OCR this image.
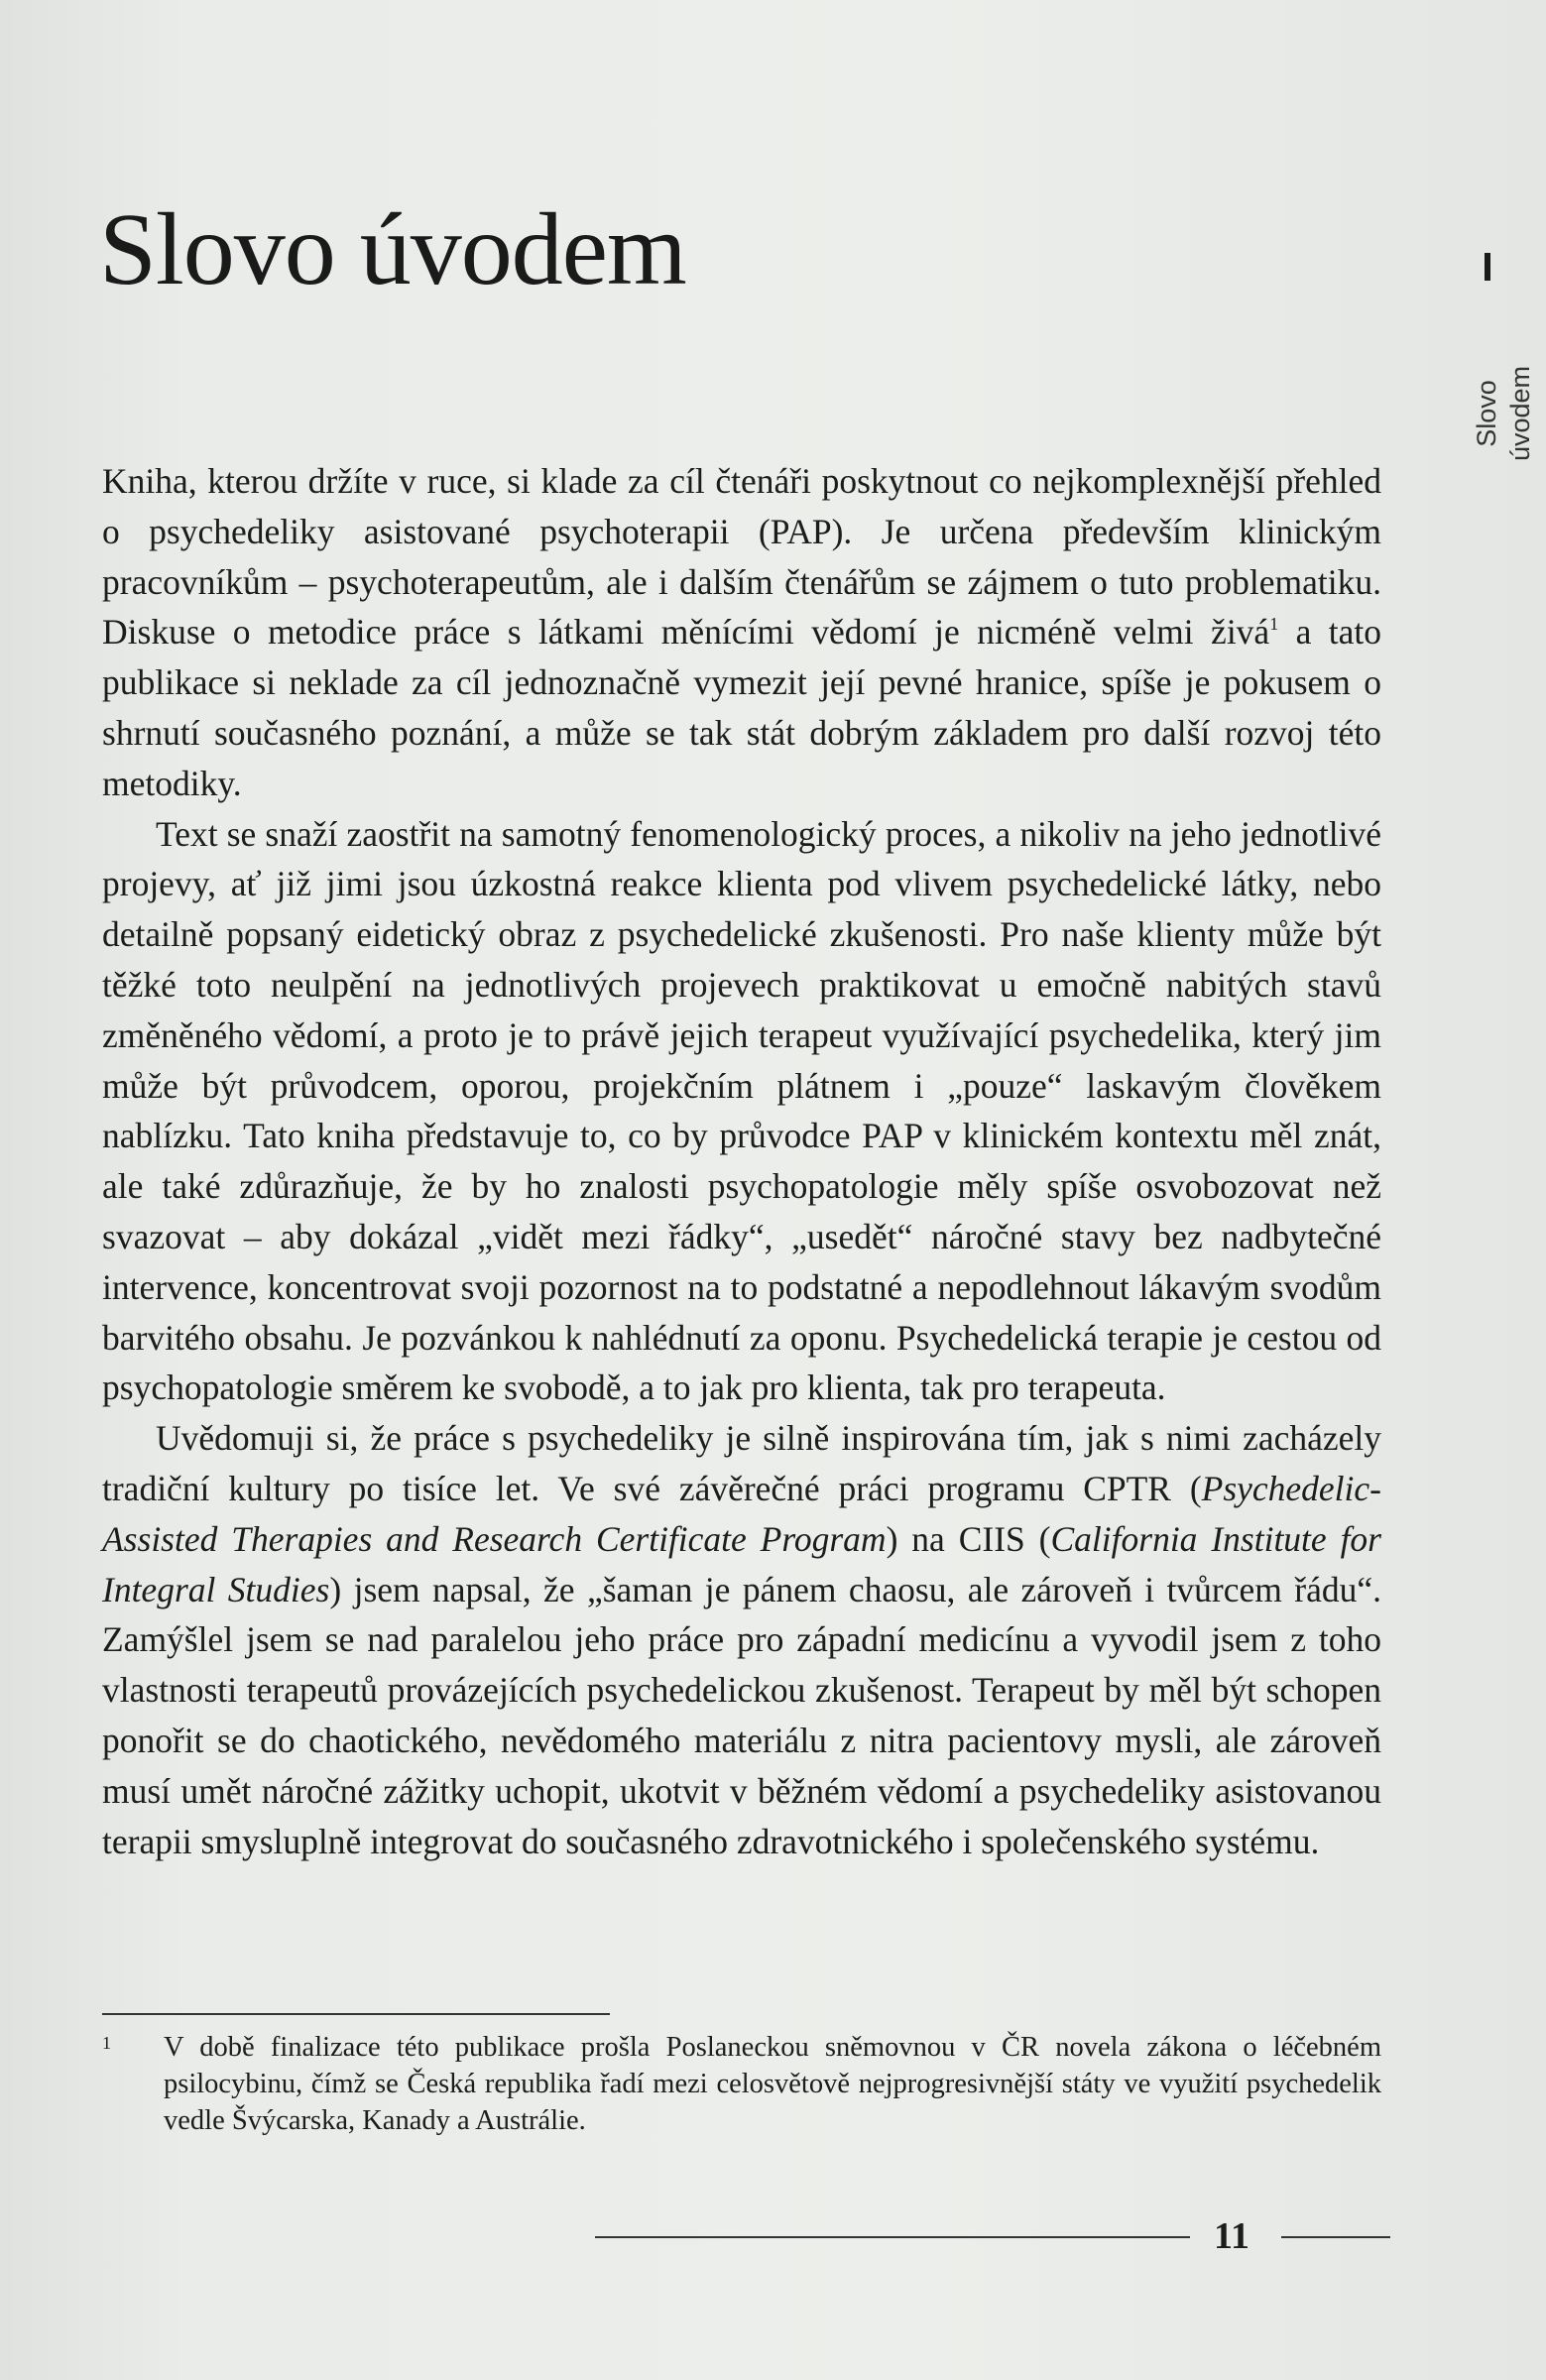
Slovo úvodem
Slovo úvodem

Kniha, kterou držíte v ruce, si klade za cíl čtenáři poskytnout co nejkomplexnější přehled o psychedeliky asistované psychoterapii (PAP). Je určena především klinickým pracovníkům – psychoterapeutům, ale i dalším čtenářům se zájmem o tuto problematiku. Diskuse o metodice práce s látkami měnícími vědomí je nicméně velmi živá$^1$ a tato publikace si neklade za cíl jednoznačně vymezit její pevné hranice, spíše je pokusem o shrnutí současného poznání, a může se tak stát dobrým základem pro další rozvoj této metodiky.

Text se snaží zaostřit na samotný fenomenologický proces, a nikoliv na jeho jednotlivé projevy, ať již jimi jsou úzkostná reakce klienta pod vlivem psychedelické látky, nebo detailně popsaný eidetický obraz z psychedelické zkušenosti. Pro naše klienty může být těžké toto neulpění na jednotlivých projevech praktikovat u emočně nabitých stavů změněného vědomí, a proto je to právě jejich terapeut využívající psychedelika, který jim může být průvodcem, oporou, projekčním plátnem i „pouze“ laskavým člověkem nablízku. Tato kniha představuje to, co by průvodce PAP v klinickém kontextu měl znát, ale také zdůrazňuje, že by ho znalosti psychopatologie měly spíše osvobozovat než svazovat – aby dokázal „vidět mezi řádky“, „usedět“ náročné stavy bez nadbytečné intervence, koncentrovat svoji pozornost na to podstatné a nepodlehnout lákavým svodům barvitého obsahu. Je pozvánkou k nahlédnutí za oponu. Psychedelická terapie je cestou od psychopatologie směrem ke svobodě, a to jak pro klienta, tak pro terapeuta.

Uvědomuji si, že práce s psychedeliky je silně inspirována tím, jak s nimi zacházely tradiční kultury po tisíce let. Ve své závěrečné práci programu CPTR (Psychedelic-Assisted Therapies and Research Certificate Program) na CIIS (California Institute for Integral Studies) jsem napsal, že „šaman je pánem chaosu, ale zároveň i tvůrcem řádu“. Zamýšlel jsem se nad paralelou jeho práce pro západní medicínu a vyvodil jsem z toho vlastnosti terapeutů provázejících psychedelickou zkušenost. Terapeut by měl být schopen ponořit se do chaotického, nevědomého materiálu z nitra pacientovy mysli, ale zároveň musí umět náročné zážitky uchopit, ukotvit v běžném vědomí a psychedeliky asistovanou terapii smysluplně integrovat do současného zdravotnického i společenského systému.

1 V době finalizace této publikace prošla Poslaneckou sněmovnou v ČR novela zákona o léčebném psilocybinu, čímž se Česká republika řadí mezi celosvětově nejprogresivnější státy ve využití psychedelik vedle Švýcarska, Kanady a Austrálie.
11
